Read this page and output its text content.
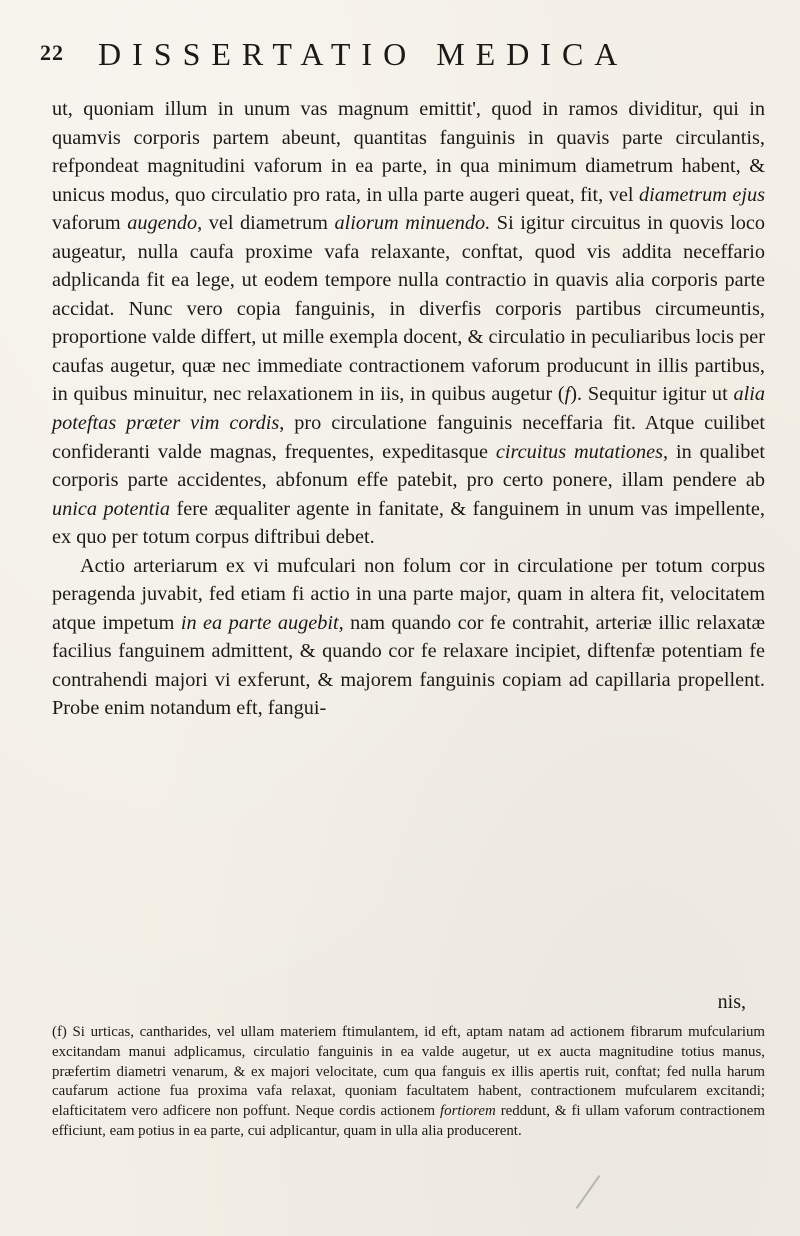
22 DISSERTATIO MEDICA

ut, quoniam illum in unum vas magnum emittit', quod in ramos dividitur, qui in quamvis corporis partem abeunt, quantitas fanguinis in quavis parte circulantis, refpondeat magnitudini vaforum in ea parte, in qua minimum diametrum habent, & unicus modus, quo circulatio pro rata, in ulla parte augeri queat, fit, vel diametrum ejus vaforum augendo, vel diametrum aliorum minuendo. Si igitur circuitus in quovis loco augeatur, nulla caufa proxime vafa relaxante, conftat, quod vis addita neceffario adplicanda fit ea lege, ut eodem tempore nulla contractio in quavis alia corporis parte accidat. Nunc vero copia fanguinis, in diverfis corporis partibus circumeuntis, proportione valde differt, ut mille exempla docent, & circulatio in peculiaribus locis per caufas augetur, quæ nec immediate contractionem vaforum producunt in illis partibus, in quibus minuitur, nec relaxationem in iis, in quibus augetur (f). Sequitur igitur ut alia poteftas præter vim cordis, pro circulatione fanguinis neceffaria fit. Atque cuilibet confideranti valde magnas, frequentes, expeditasque circuitus mutationes, in qualibet corporis parte accidentes, abfonum effe patebit, pro certo ponere, illam pendere ab unica potentia fere æqualiter agente in fanitate, & fanguinem in unum vas impellente, ex quo per totum corpus diftribui debet.

Actio arteriarum ex vi mufculari non folum cor in circulatione per totum corpus peragenda juvabit, fed etiam fi actio in una parte major, quam in altera fit, velocitatem atque impetum in ea parte augebit, nam quando cor fe contrahit, arteriæ illic relaxatæ facilius fanguinem admittent, & quando cor fe relaxare incipiet, diftenfæ potentiam fe contrahendi majori vi exferunt, & majorem fanguinis copiam ad capillaria propellent. Probe enim notandum eft, fangui-

nis,

(f) Si urticas, cantharides, vel ullam materiem ftimulantem, id eft, aptam natam ad actionem fibrarum mufcularium excitandam manui adplicamus, circulatio fanguinis in ea valde augetur, ut ex aucta magnitudine totius manus, præfertim diametri venarum, & ex majori velocitate, cum qua fanguis ex illis apertis ruit, conftat; fed nulla harum caufarum actione fua proxima vafa relaxat, quoniam facultatem habent, contractionem mufcularem excitandi; elafticitatem vero adficere non poffunt. Neque cordis actionem fortiorem reddunt, & fi ullam vaforum contractionem efficiunt, eam potius in ea parte, cui adplicantur, quam in ulla alia producerent.
